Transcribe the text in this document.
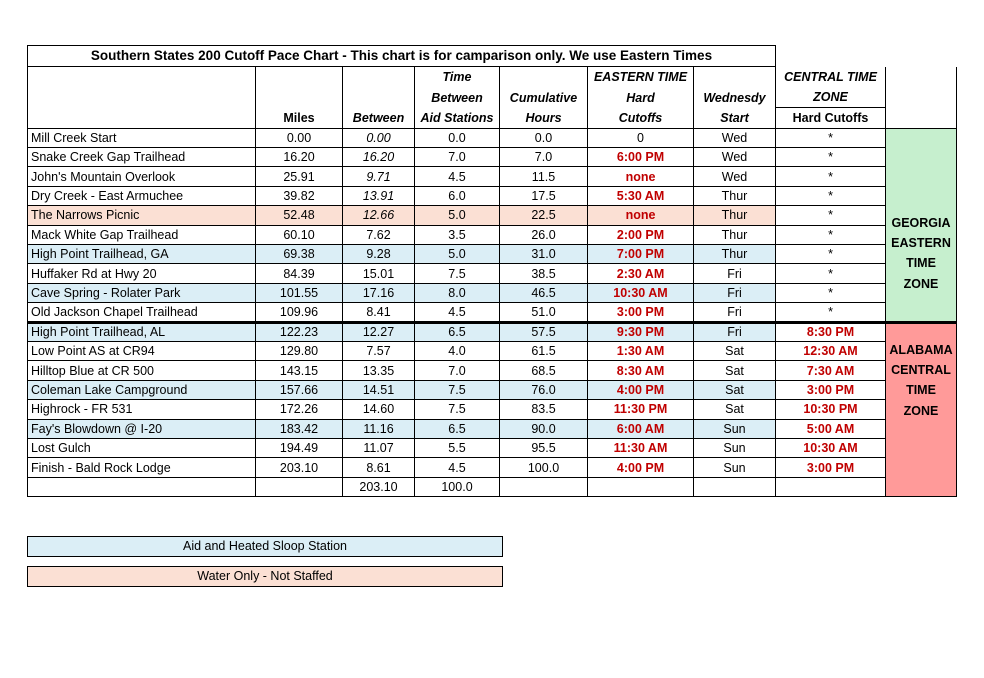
Southern States 200 Cutoff Pace Chart - This chart is for camparison only. We use Eastern Times
			Time		EASTERN TIME		CENTRAL TIME	
			Between	Cumulative	Hard	Wednesdy	ZONE	
	Miles	Between	Aid Stations	Hours	Cutoffs	Start	Hard Cutoffs	
Mill Creek Start	0.00	0.00	0.0	0.0	0	Wed	*	GEORGIA
EASTERN
TIME
ZONE

Snake Creek Gap Trailhead	16.20	16.20	7.0	7.0	6:00 PM	Wed	*	
John's Mountain Overlook	25.91	9.71	4.5	11.5	none	Wed	*	
Dry Creek - East Armuchee	39.82	13.91	6.0	17.5	5:30 AM	Thur	*	
The Narrows Picnic	52.48	12.66	5.0	22.5	none	Thur	*	
Mack White Gap Trailhead	60.10	7.62	3.5	26.0	2:00 PM	Thur	*	
High Point Trailhead, GA	69.38	9.28	5.0	31.0	7:00 PM	Thur	*	
Huffaker Rd at Hwy 20	84.39	15.01	7.5	38.5	2:30 AM	Fri	*	
Cave Spring - Rolater Park	101.55	17.16	8.0	46.5	10:30 AM	Fri	*	
Old Jackson Chapel Trailhead	109.96	8.41	4.5	51.0	3:00 PM	Fri	*	
High Point Trailhead, AL	122.23	12.27	6.5	57.5	9:30 PM	Fri	8:30 PM	ALABAMA
CENTRAL
TIME
ZONE

Low Point AS at CR94	129.80	7.57	4.0	61.5	1:30 AM	Sat	12:30 AM	
Hilltop Blue at CR 500	143.15	13.35	7.0	68.5	8:30 AM	Sat	7:30 AM	
Coleman Lake Campground	157.66	14.51	7.5	76.0	4:00 PM	Sat	3:00 PM	
Highrock - FR 531	172.26	14.60	7.5	83.5	11:30 PM	Sat	10:30 PM	
Fay's Blowdown @ I-20	183.42	11.16	6.5	90.0	6:00 AM	Sun	5:00 AM	
Lost Gulch	194.49	11.07	5.5	95.5	11:30 AM	Sun	10:30 AM	
Finish - Bald Rock Lodge	203.10	8.61	4.5	100.0	4:00 PM	Sun	3:00 PM	
		203.10	100.0					
Aid and Heated Sloop Station
Water Only - Not Staffed
